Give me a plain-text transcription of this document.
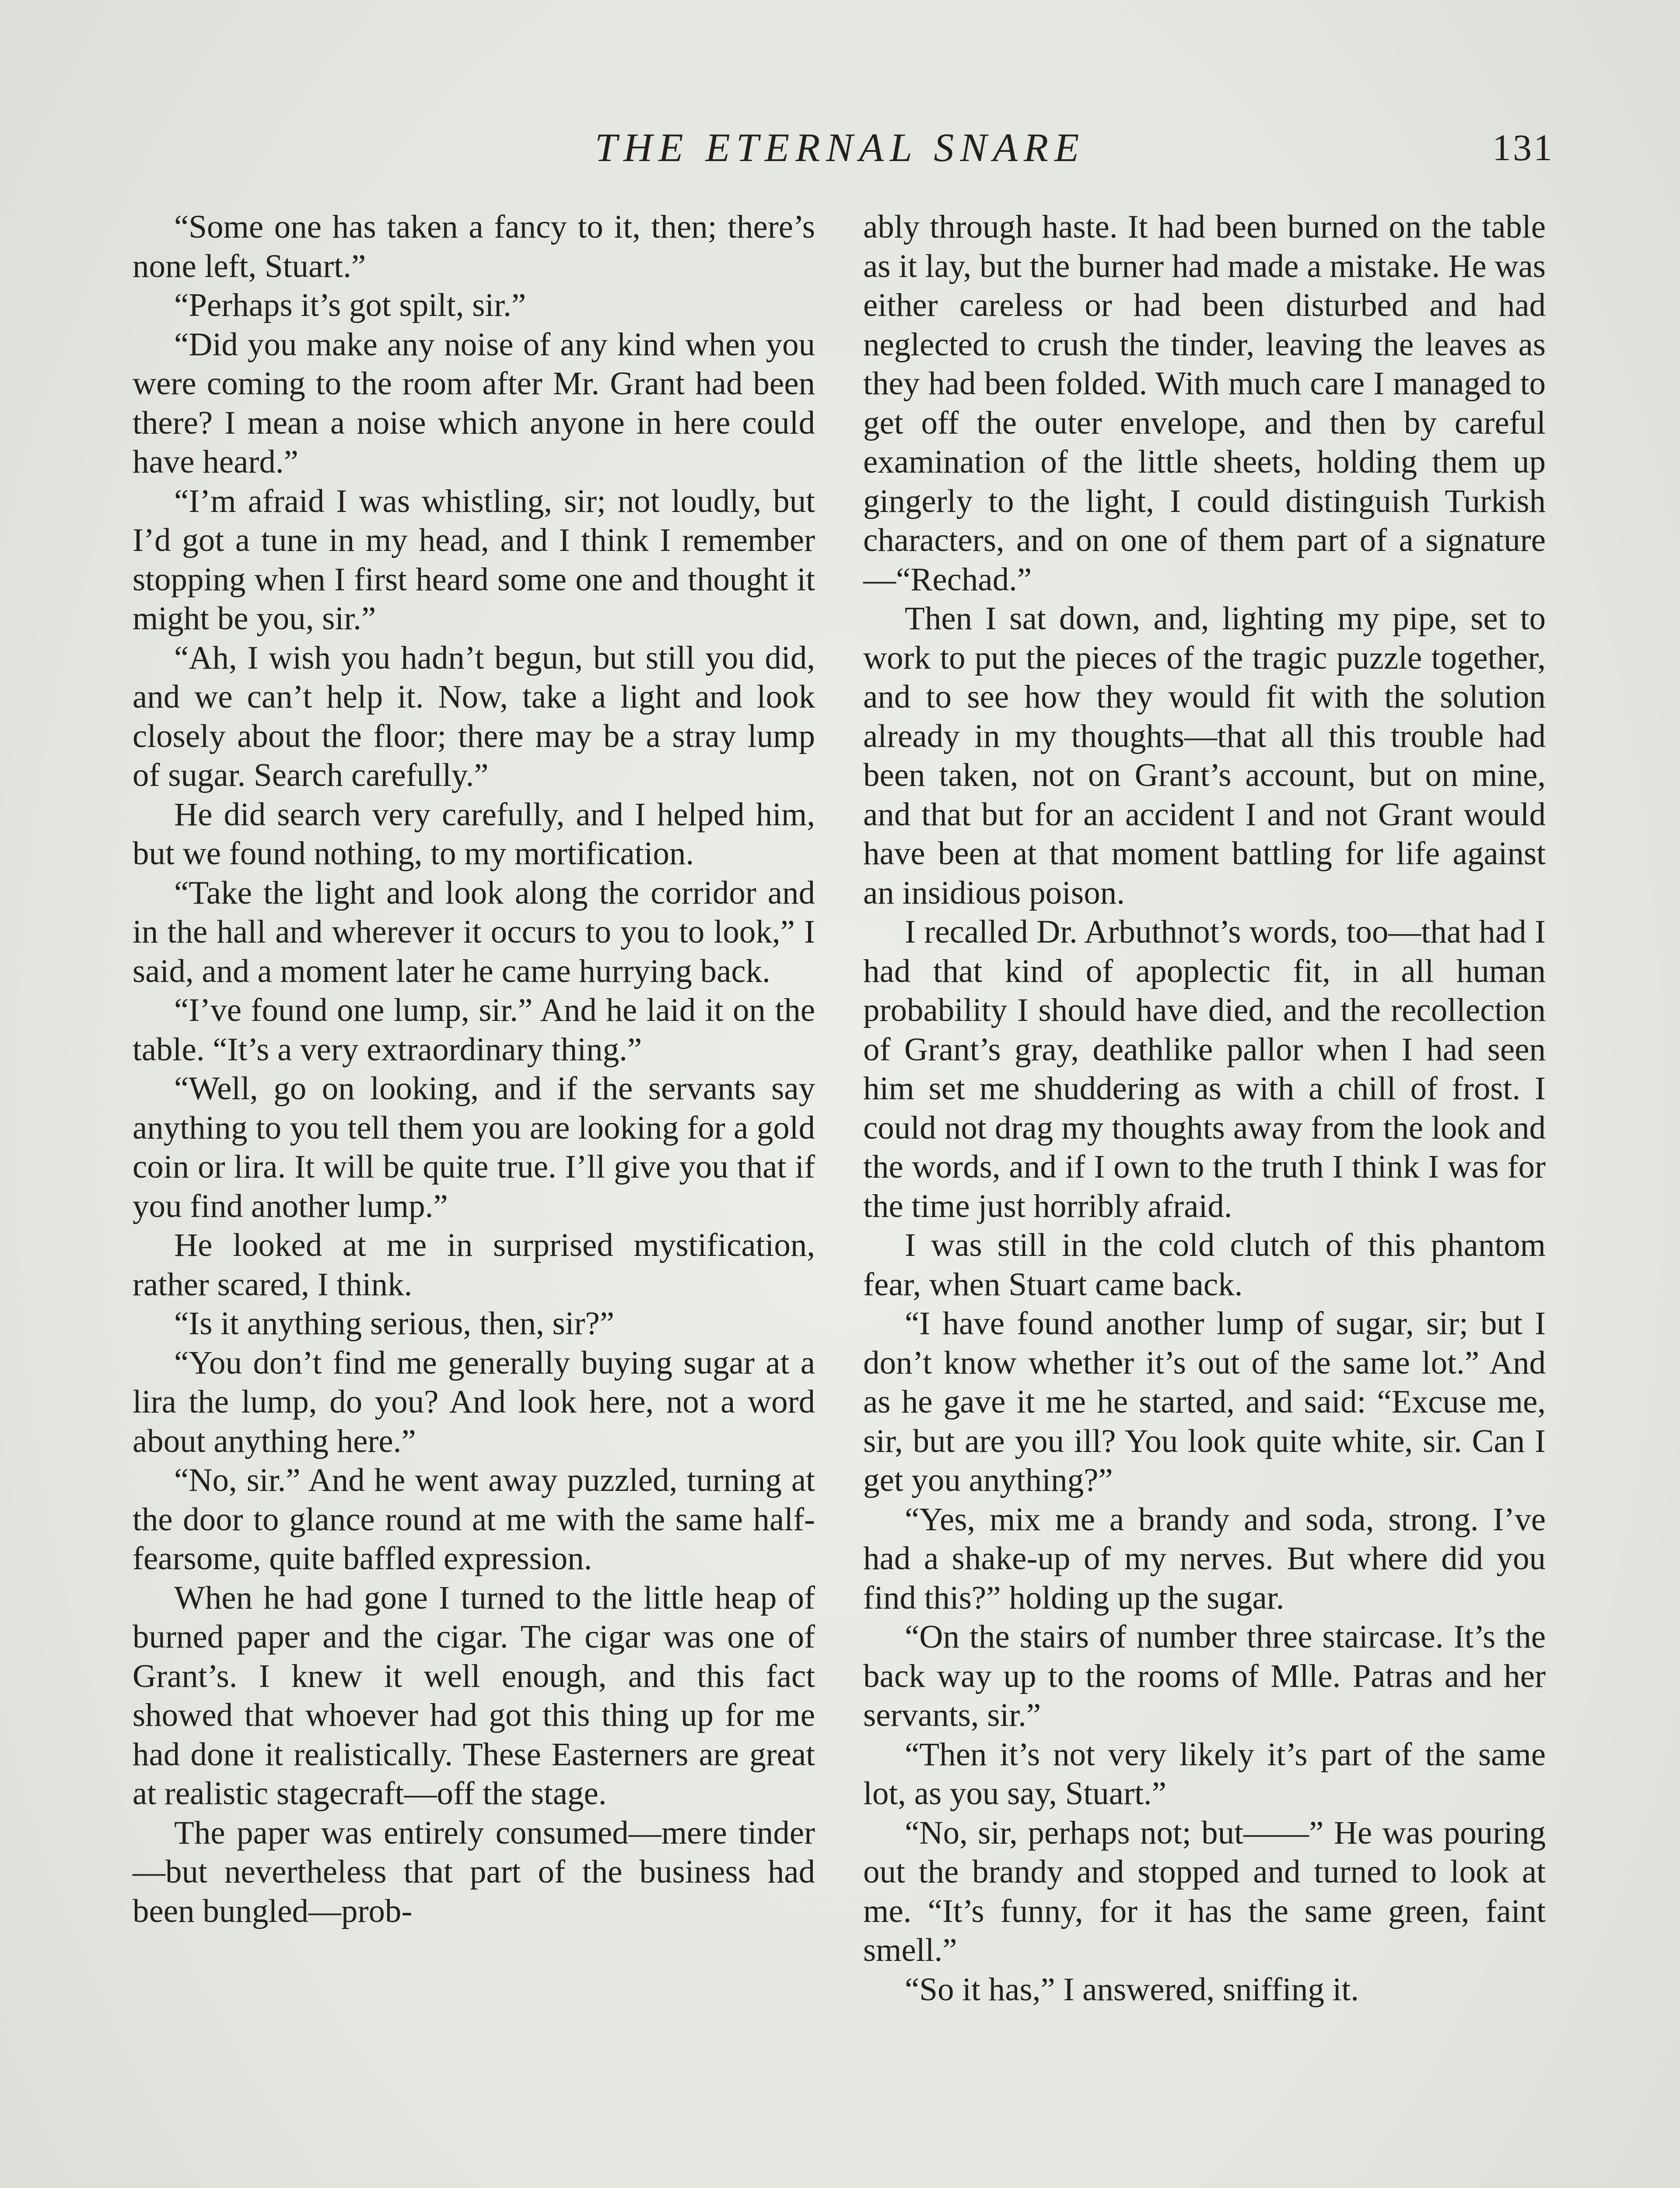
THE ETERNAL SNARE	131

“Some one has taken a fancy to it, then; there’s none left, Stuart.”

“Perhaps it’s got spilt, sir.”

“Did you make any noise of any kind when you were coming to the room after Mr. Grant had been there? I mean a noise which anyone in here could have heard.”

“I’m afraid I was whistling, sir; not loudly, but I’d got a tune in my head, and I think I remember stopping when I first heard some one and thought it might be you, sir.”

“Ah, I wish you hadn’t begun, but still you did, and we can’t help it. Now, take a light and look closely about the floor; there may be a stray lump of sugar. Search carefully.”

He did search very carefully, and I helped him, but we found nothing, to my mortification.

“Take the light and look along the corridor and in the hall and wherever it occurs to you to look,” I said, and a moment later he came hurrying back.

“I’ve found one lump, sir.” And he laid it on the table. “It’s a very extraordinary thing.”

“Well, go on looking, and if the servants say anything to you tell them you are looking for a gold coin or lira. It will be quite true. I’ll give you that if you find another lump.”

He looked at me in surprised mystification, rather scared, I think.

“Is it anything serious, then, sir?”

“You don’t find me generally buying sugar at a lira the lump, do you? And look here, not a word about anything here.”

“No, sir.” And he went away puzzled, turning at the door to glance round at me with the same half-fearsome, quite baffled expression.

When he had gone I turned to the little heap of burned paper and the cigar. The cigar was one of Grant’s. I knew it well enough, and this fact showed that whoever had got this thing up for me had done it realistically. These Easterners are great at realistic stagecraft—off the stage.

The paper was entirely consumed—mere tinder—but nevertheless that part of the business had been bungled—prob-

ably through haste. It had been burned on the table as it lay, but the burner had made a mistake. He was either careless or had been disturbed and had neglected to crush the tinder, leaving the leaves as they had been folded. With much care I managed to get off the outer envelope, and then by careful examination of the little sheets, holding them up gingerly to the light, I could distinguish Turkish characters, and on one of them part of a signature—“Rechad.”

Then I sat down, and, lighting my pipe, set to work to put the pieces of the tragic puzzle together, and to see how they would fit with the solution already in my thoughts—that all this trouble had been taken, not on Grant’s account, but on mine, and that but for an accident I and not Grant would have been at that moment battling for life against an insidious poison.

I recalled Dr. Arbuthnot’s words, too—that had I had that kind of apoplectic fit, in all human probability I should have died, and the recollection of Grant’s gray, deathlike pallor when I had seen him set me shuddering as with a chill of frost. I could not drag my thoughts away from the look and the words, and if I own to the truth I think I was for the time just horribly afraid.

I was still in the cold clutch of this phantom fear, when Stuart came back.

“I have found another lump of sugar, sir; but I don’t know whether it’s out of the same lot.” And as he gave it me he started, and said: “Excuse me, sir, but are you ill? You look quite white, sir. Can I get you anything?”

“Yes, mix me a brandy and soda, strong. I’ve had a shake-up of my nerves. But where did you find this?” holding up the sugar.

“On the stairs of number three staircase. It’s the back way up to the rooms of Mlle. Patras and her servants, sir.”

“Then it’s not very likely it’s part of the same lot, as you say, Stuart.”

“No, sir, perhaps not; but——” He was pouring out the brandy and stopped and turned to look at me. “It’s funny, for it has the same green, faint smell.”

“So it has,” I answered, sniffing it.
